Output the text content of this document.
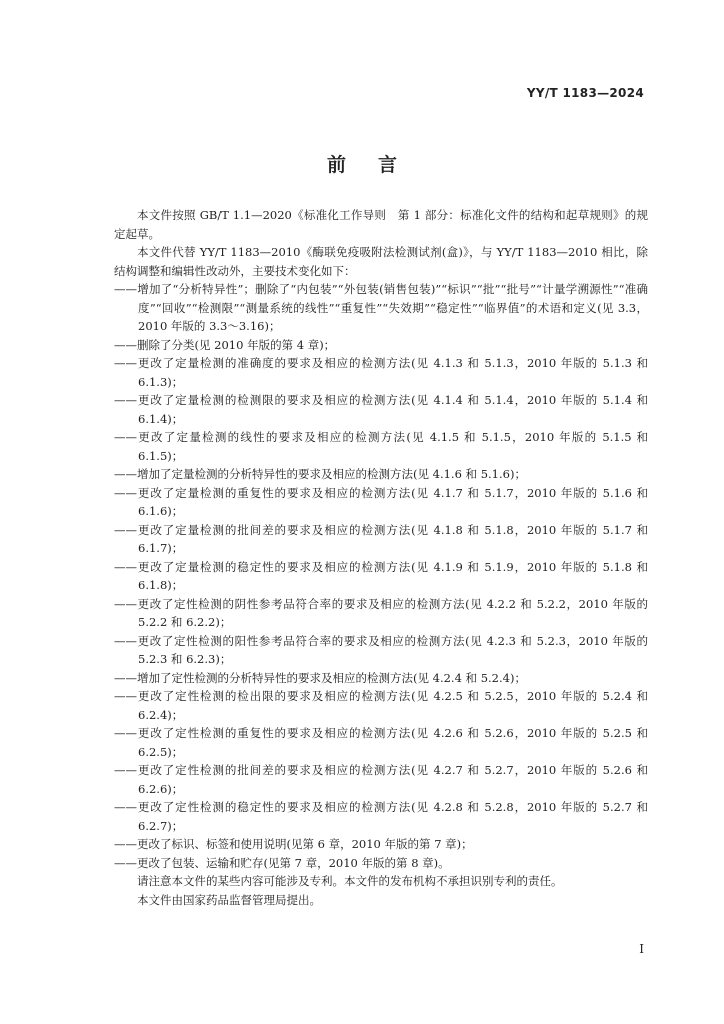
YY/T 1183—2024
前言

本文件按照 GB/T 1.1—2020《标准化工作导则　第 1 部分：标准化文件的结构和起草规则》的规定起草。

本文件代替 YY/T 1183—2010《酶联免疫吸附法检测试剂(盒)》，与 YY/T 1183—2010 相比，除结构调整和编辑性改动外，主要技术变化如下：

——增加了“分析特异性”；删除了“内包装”“外包装(销售包装)”“标识”“批”“批号”“计量学溯源性”“准确度”“回收”“检测限”“测量系统的线性”“重复性”“失效期”“稳定性”“临界值”的术语和定义(见 3.3，2010 年版的 3.3～3.16)；
——删除了分类(见 2010 年版的第 4 章)；
——更改了定量检测的准确度的要求及相应的检测方法(见 4.1.3 和 5.1.3，2010 年版的 5.1.3 和 6.1.3)；
——更改了定量检测的检测限的要求及相应的检测方法(见 4.1.4 和 5.1.4，2010 年版的 5.1.4 和 6.1.4)；
——更改了定量检测的线性的要求及相应的检测方法(见 4.1.5 和 5.1.5，2010 年版的 5.1.5 和 6.1.5)；
——增加了定量检测的分析特异性的要求及相应的检测方法(见 4.1.6 和 5.1.6)；
——更改了定量检测的重复性的要求及相应的检测方法(见 4.1.7 和 5.1.7，2010 年版的 5.1.6 和 6.1.6)；
——更改了定量检测的批间差的要求及相应的检测方法(见 4.1.8 和 5.1.8，2010 年版的 5.1.7 和 6.1.7)；
——更改了定量检测的稳定性的要求及相应的检测方法(见 4.1.9 和 5.1.9，2010 年版的 5.1.8 和 6.1.8)；
——更改了定性检测的阴性参考品符合率的要求及相应的检测方法(见 4.2.2 和 5.2.2，2010 年版的 5.2.2 和 6.2.2)；
——更改了定性检测的阳性参考品符合率的要求及相应的检测方法(见 4.2.3 和 5.2.3，2010 年版的 5.2.3 和 6.2.3)；
——增加了定性检测的分析特异性的要求及相应的检测方法(见 4.2.4 和 5.2.4)；
——更改了定性检测的检出限的要求及相应的检测方法(见 4.2.5 和 5.2.5，2010 年版的 5.2.4 和 6.2.4)；
——更改了定性检测的重复性的要求及相应的检测方法(见 4.2.6 和 5.2.6，2010 年版的 5.2.5 和 6.2.5)；
——更改了定性检测的批间差的要求及相应的检测方法(见 4.2.7 和 5.2.7，2010 年版的 5.2.6 和 6.2.6)；
——更改了定性检测的稳定性的要求及相应的检测方法(见 4.2.8 和 5.2.8，2010 年版的 5.2.7 和 6.2.7)；
——更改了标识、标签和使用说明(见第 6 章，2010 年版的第 7 章)；
——更改了包装、运输和贮存(见第 7 章，2010 年版的第 8 章)。

请注意本文件的某些内容可能涉及专利。本文件的发布机构不承担识别专利的责任。

本文件由国家药品监督管理局提出。

I
